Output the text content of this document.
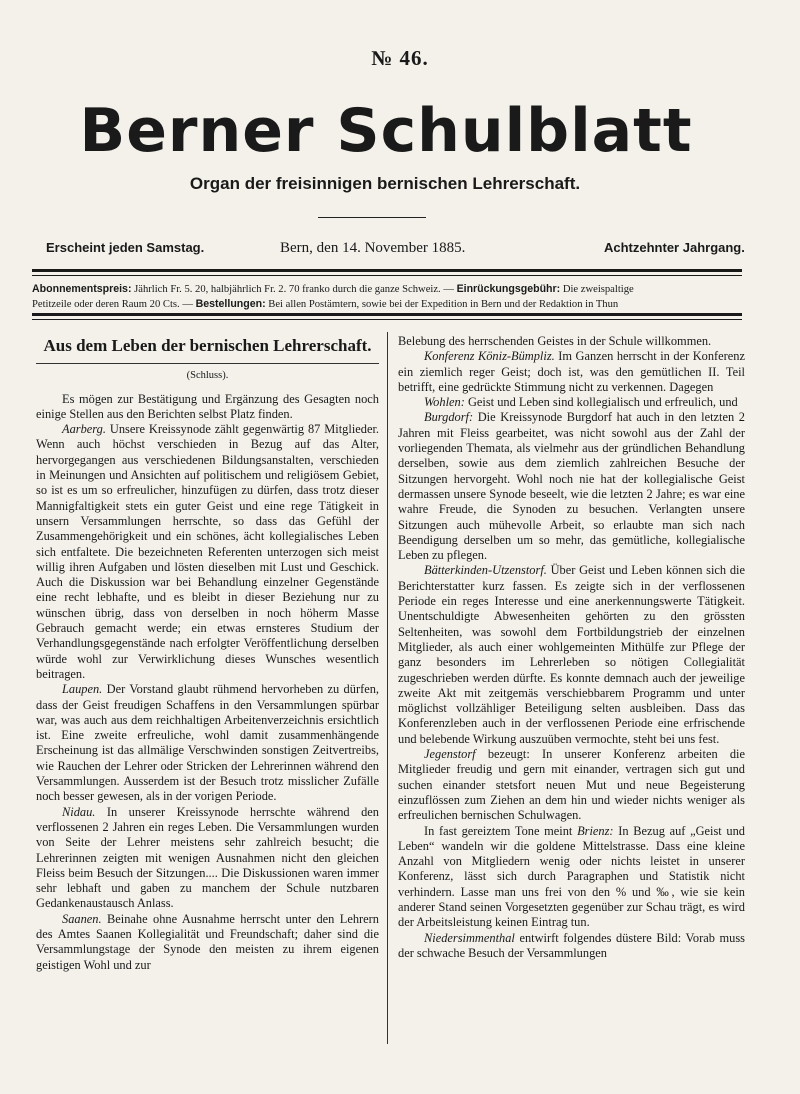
№ 46.
Berner Schulblatt
Organ der freisinnigen bernischen Lehrerschaft.
Erscheint jeden Samstag.	Bern, den 14. November 1885.	Achtzehnter Jahrgang.
Abonnementspreis: Jährlich Fr. 5. 20, halbjährlich Fr. 2. 70 franko durch die ganze Schweiz. — Einrückungsgebühr: Die zweispaltige
Petitzeile oder deren Raum 20 Cts. — Bestellungen: Bei allen Postämtern, sowie bei der Expedition in Bern und der Redaktion in Thun
Aus dem Leben der bernischen Lehrerschaft.
(Schluss).

Es mögen zur Bestätigung und Ergänzung des Gesagten noch einige Stellen aus den Berichten selbst Platz finden.

Aarberg. Unsere Kreissynode zählt gegenwärtig 87 Mitglieder. Wenn auch höchst verschieden in Bezug auf das Alter, hervorgegangen aus verschiedenen Bildungsanstalten, verschieden in Meinungen und Ansichten auf politischem und religiösem Gebiet, so ist es um so erfreulicher, hinzufügen zu dürfen, dass trotz dieser Mannigfaltigkeit stets ein guter Geist und eine rege Tätigkeit in unsern Versammlungen herrschte, so dass das Gefühl der Zusammengehörigkeit und ein schönes, ächt kollegialisches Leben sich entfaltete. Die bezeichneten Referenten unterzogen sich meist willig ihren Aufgaben und lösten dieselben mit Lust und Geschick. Auch die Diskussion war bei Behandlung einzelner Gegenstände eine recht lebhafte, und es bleibt in dieser Beziehung nur zu wünschen übrig, dass von derselben in noch höherm Masse Gebrauch gemacht werde; ein etwas ernsteres Studium der Verhandlungsgegenstände nach erfolgter Veröffentlichung derselben würde wohl zur Verwirklichung dieses Wunsches wesentlich beitragen.

Laupen. Der Vorstand glaubt rühmend hervorheben zu dürfen, dass der Geist freudigen Schaffens in den Versammlungen spürbar war, was auch aus dem reichhaltigen Arbeitenverzeichnis ersichtlich ist. Eine zweite erfreuliche, wohl damit zusammenhängende Erscheinung ist das allmälige Verschwinden sonstigen Zeitvertreibs, wie Rauchen der Lehrer oder Stricken der Lehrerinnen während den Versammlungen. Ausserdem ist der Besuch trotz misslicher Zufälle noch besser gewesen, als in der vorigen Periode.

Nidau. In unserer Kreissynode herrschte während den verflossenen 2 Jahren ein reges Leben. Die Versammlungen wurden von Seite der Lehrer meistens sehr zahlreich besucht; die Lehrerinnen zeigten mit wenigen Ausnahmen nicht den gleichen Fleiss beim Besuch der Sitzungen.... Die Diskussionen waren immer sehr lebhaft und gaben zu manchem der Schule nutzbaren Gedankenaustausch Anlass.

Saanen. Beinahe ohne Ausnahme herrscht unter den Lehrern des Amtes Saanen Kollegialität und Freundschaft; daher sind die Versammlungstage der Synode den meisten zu ihrem eigenen geistigen Wohl und zur

Belebung des herrschenden Geistes in der Schule willkommen.

Konferenz Köniz-Bümpliz. Im Ganzen herrscht in der Konferenz ein ziemlich reger Geist; doch ist, was den gemütlichen II. Teil betrifft, eine gedrückte Stimmung nicht zu verkennen. Dagegen

Wohlen: Geist und Leben sind kollegialisch und erfreulich, und

Burgdorf: Die Kreissynode Burgdorf hat auch in den letzten 2 Jahren mit Fleiss gearbeitet, was nicht sowohl aus der Zahl der vorliegenden Themata, als vielmehr aus der gründlichen Behandlung derselben, sowie aus dem ziemlich zahlreichen Besuche der Sitzungen hervorgeht. Wohl noch nie hat der kollegialische Geist dermassen unsere Synode beseelt, wie die letzten 2 Jahre; es war eine wahre Freude, die Synoden zu besuchen. Verlangten unsere Sitzungen auch mühevolle Arbeit, so erlaubte man sich nach Beendigung derselben um so mehr, das gemütliche, kollegialische Leben zu pflegen.

Bätterkinden-Utzenstorf. Über Geist und Leben können sich die Berichterstatter kurz fassen. Es zeigte sich in der verflossenen Periode ein reges Interesse und eine anerkennungswerte Tätigkeit. Unentschuldigte Abwesenheiten gehörten zu den grössten Seltenheiten, was sowohl dem Fortbildungstrieb der einzelnen Mitglieder, als auch einer wohlgemeinten Mithülfe zur Pflege der ganz besonders im Lehrerleben so nötigen Collegialität zugeschrieben werden dürfte. Es konnte demnach auch der jeweilige zweite Akt mit zeitgemäs verschiebbarem Programm und unter möglichst vollzähliger Beteiligung selten ausbleiben. Dass das Konferenzleben auch in der verflossenen Periode eine erfrischende und belebende Wirkung auszuüben vermochte, steht bei uns fest.

Jegenstorf bezeugt: In unserer Konferenz arbeiten die Mitglieder freudig und gern mit einander, vertragen sich gut und suchen einander stetsfort neuen Mut und neue Begeisterung einzuflössen zum Ziehen an dem hin und wieder nichts weniger als erfreulichen bernischen Schulwagen.

In fast gereiztem Tone meint Brienz: In Bezug auf „Geist und Leben“ wandeln wir die goldene Mittelstrasse. Dass eine kleine Anzahl von Mitgliedern wenig oder nichts leistet in unserer Konferenz, lässt sich durch Paragraphen und Statistik nicht verhindern. Lasse man uns frei von den % und ‰, wie sie kein anderer Stand seinen Vorgesetzten gegenüber zur Schau trägt, es wird der Arbeitsleistung keinen Eintrag tun.

Niedersimmenthal entwirft folgendes düstere Bild: Vorab muss der schwache Besuch der Versammlungen
